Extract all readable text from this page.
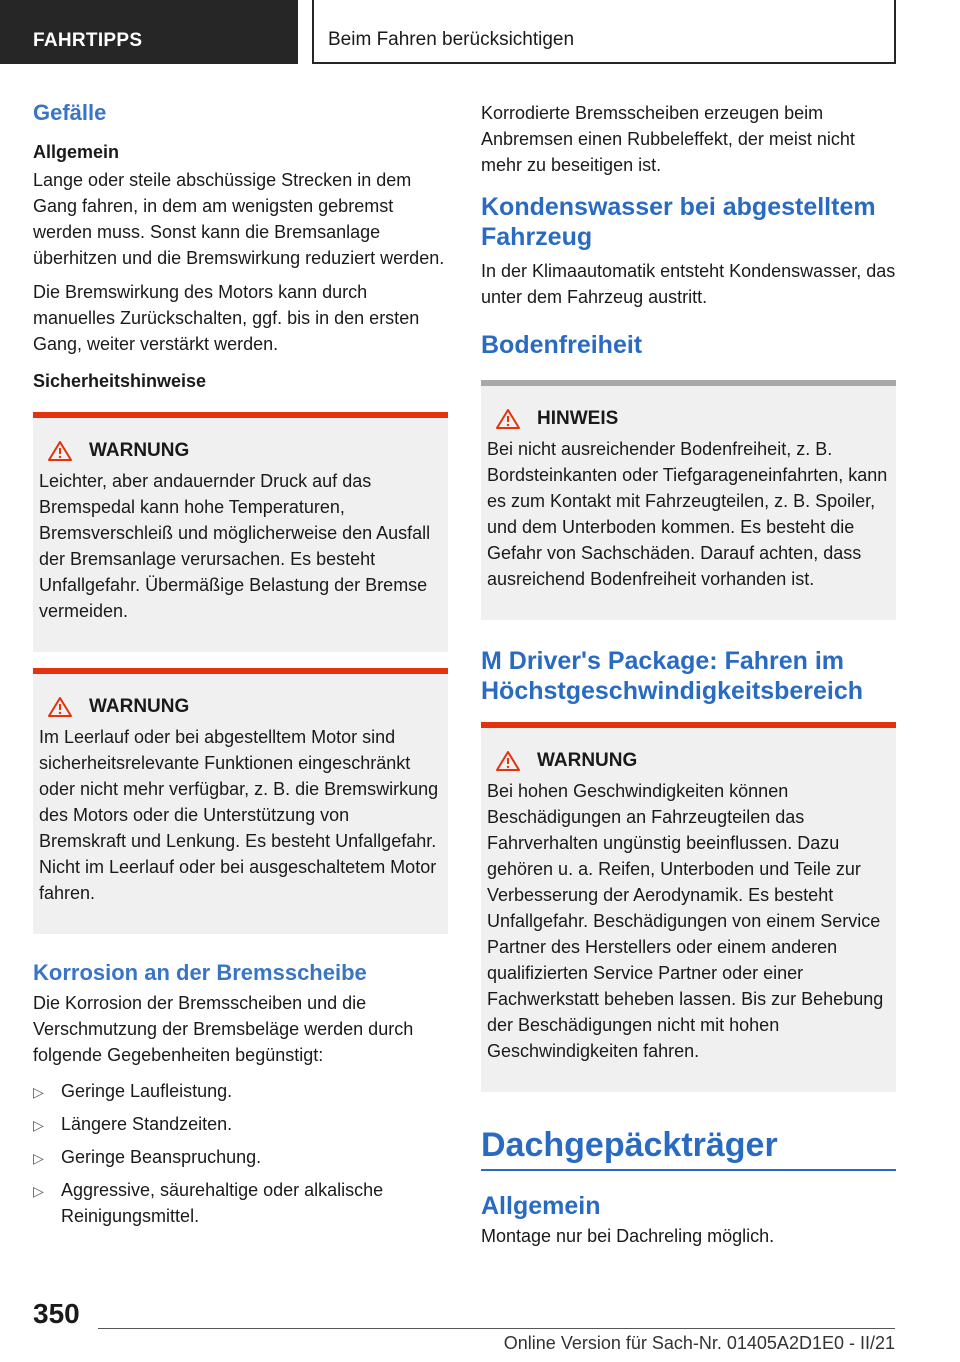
FAHRTIPPS	Beim Fahren berücksichtigen
Gefälle
Allgemein

Lange oder steile abschüssige Strecken in dem Gang fahren, in dem am wenigsten gebremst werden muss. Sonst kann die Bremsanlage überhitzen und die Bremswirkung reduziert werden.

Die Bremswirkung des Motors kann durch manuelles Zurückschalten, ggf. bis in den ersten Gang, weiter verstärkt werden.

Sicherheitshinweise
WARNUNG

Leichter, aber andauernder Druck auf das Bremspedal kann hohe Temperaturen, Bremsverschleiß und möglicherweise den Ausfall der Bremsanlage verursachen. Es besteht Unfallgefahr. Übermäßige Belastung der Bremse vermeiden.

WARNUNG

Im Leerlauf oder bei abgestelltem Motor sind sicherheitsrelevante Funktionen eingeschränkt oder nicht mehr verfügbar, z. B. die Bremswirkung des Motors oder die Unterstützung von Bremskraft und Lenkung. Es besteht Unfallgefahr. Nicht im Leerlauf oder bei ausgeschaltetem Motor fahren.

Korrosion an der Bremsscheibe

Die Korrosion der Bremsscheiben und die Verschmutzung der Bremsbeläge werden durch folgende Gegebenheiten begünstigt:

▷ Geringe Laufleistung.
▷ Längere Standzeiten.
▷ Geringe Beanspruchung.
▷ Aggressive, säurehaltige oder alkalische Reinigungsmittel.

Korrodierte Bremsscheiben erzeugen beim Anbremsen einen Rubbeleffekt, der meist nicht mehr zu beseitigen ist.

Kondenswasser bei abgestelltem Fahrzeug

In der Klimaautomatik entsteht Kondenswasser, das unter dem Fahrzeug austritt.

Bodenfreiheit
HINWEIS

Bei nicht ausreichender Bodenfreiheit, z. B. Bordsteinkanten oder Tiefgarageneinfahrten, kann es zum Kontakt mit Fahrzeugteilen, z. B. Spoiler, und dem Unterboden kommen. Es besteht die Gefahr von Sachschäden. Darauf achten, dass ausreichend Bodenfreiheit vorhanden ist.

M Driver's Package: Fahren im Höchstgeschwindigkeitsbereich
WARNUNG

Bei hohen Geschwindigkeiten können Beschädigungen an Fahrzeugteilen das Fahrverhalten ungünstig beeinflussen. Dazu gehören u. a. Reifen, Unterboden und Teile zur Verbesserung der Aerodynamik. Es besteht Unfallgefahr. Beschädigungen von einem Service Partner des Herstellers oder einem anderen qualifizierten Service Partner oder einer Fachwerkstatt beheben lassen. Bis zur Behebung der Beschädigungen nicht mit hohen Geschwindigkeiten fahren.

Dachgepäckträger
Allgemein

Montage nur bei Dachreling möglich.

350
Online Version für Sach-Nr. 01405A2D1E0 - II/21
